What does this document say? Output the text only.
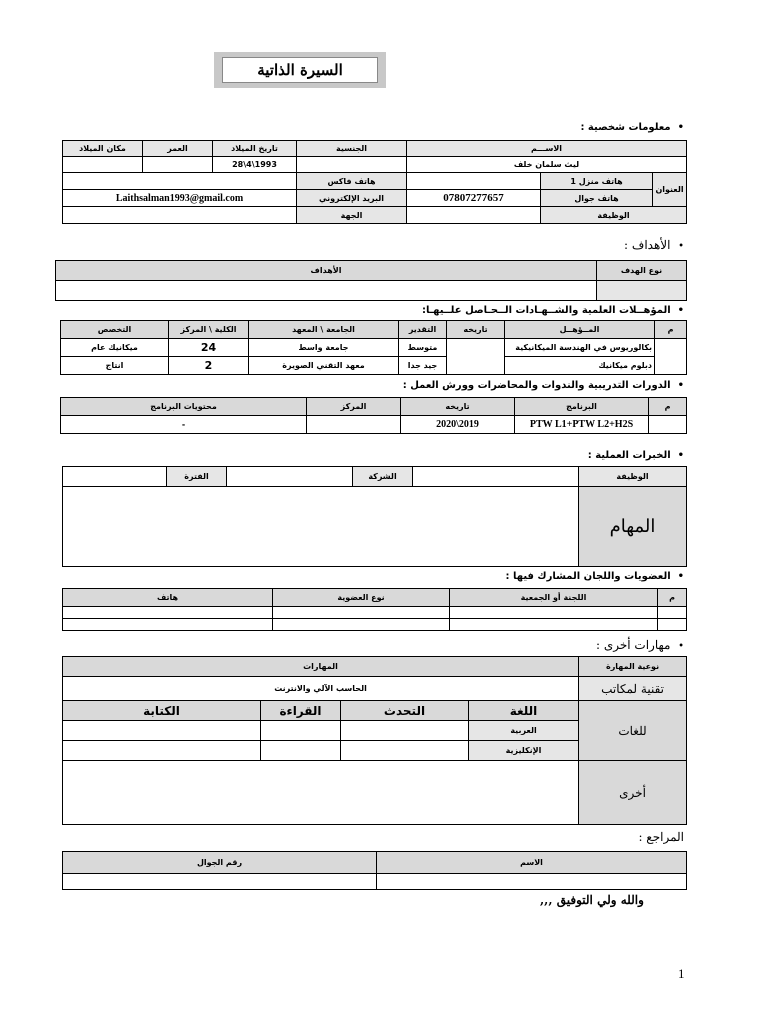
السيرة الذاتية
•  معلومات شخصية :
مكان الميلاد	العمر	تاريخ الميلاد	الجنسية	الاســـم		
		1993\4\28		ليث سلمان خلف		
			هاتف فاكس		هاتف منزل 1	العنوان
Laithsalman1993@gmail.com			البريد الإلكتروني	07807277657	هاتف جوال	
			الجهة		الوظيفة	
•  الأهداف :
الأهداف	نوع الهدف

•  المؤهــلات العلمية والشــهـادات الــحـاصل علــيهـا:
التخصص	الكلية \ المركز	الجامعة \ المعهد	التقدير	تاريخه	المــؤهــل	م
ميكانيك عام	24	جامعة واسط	متوسط		بكالوريوس في الهندسة الميكانيكية	
انتاج	2	معهد التقني الصويرة	جيد جدا		دبلوم ميكانيك	
•  الدورات التدريبية والندوات والمحاضرات وورش العمل :
محتويات البرنامج	المركز	تاريخه	البرنامج	م
-		2020\2019	PTW L1+PTW L2+H2S	
•  الخبرات العملية :
	الفترة		الشركة		الوظيفة
					المهام
•  العضويات واللجان المشارك فيها :
هاتف	نوع العضوية	اللجنة أو الجمعية	م

•  مهارات أخرى :
المهارات				نوعية المهارة
الحاسب الآلي والانترنت				تقنية لمكاتب
الكتابة	القراءة	التحدث	اللغة	للغات
			العربية	
			الإنكليزية	
				أخرى
المراجع :
رقم الجوال	الاسم

والله ولي التوفيق ,,,
1
